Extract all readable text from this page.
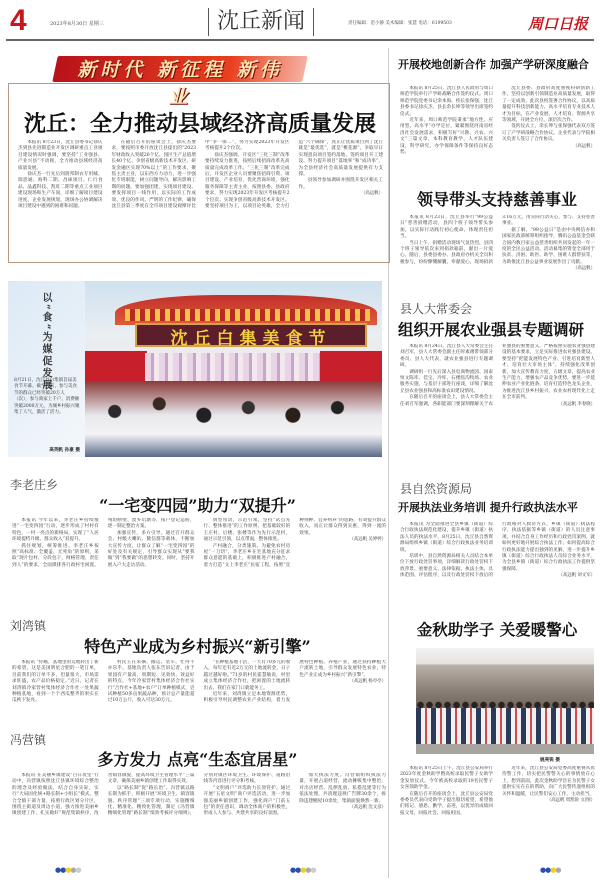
4	2023年8月30日 星期三	沈丘新闻	责任编辑：范小静 美术编辑：张慧 电话：6199503	周口日报
新时代 新征程 新伟业
沈丘：全力推动县域经济高质量发展

本报讯 8月23日，沈丘县委书记徐庆杰到县先进制造业开发区调研重点工业项目建设情况时强调，要坚持“工业强县、产业兴县”不动摇，全力推动县域经济高质量发展。

徐庆杰一行先后到润邦制衣专用城、瑞恩通、海科二期、昌硕项目、仁行食品、晶鑫科技、凯旺二期等重点工业项目建设现场和生产车间，详细了解项目建设进度、企业发展规划，现场办公协调解决项目建设中遇到的困难和问题。

在随后召开的座谈会上，徐庆杰要求，要按照市委开放沈丘县提出的“2023年财政收入突破20个亿、园区生产总值增长40个亿、争创省级高新技术开发区、研发金融区实现70%以上”的工作要求，聚焦主责主业，以东西方力动力，进一步强化专班职能，树立问题导向，解决影响工期的问题。要加强团建，实现项目建设、要发挥项目一线作用，以实际的工作成效、优良的作风、严明的工作纪律，确保沈丘县第三季度在全市项目建设观摩评比中“争一保二”，努力实现2023年开发区考核提升2个位次。

徐庆杰强调，开发区“三化三制”改革要持续发力推进，按照后续招商改革先高质量完成改革工作。“三化三制”改革完成后，开发区企业人员要聚焦招商引资、项目建设、产业培育，优化营商环境，强化服务保障等主责主业，按照县委、县政府要求，努力实现2023年开发区考核提升2个位次。实现争创省级高新技术开发区。要坚持项目为王，以项目论英雄，全力打造“六个确保”，真正让优质项目到了沈丘就是“最优选”，就是“桃花源”，争取早日实现意向项目签约落地、签约项目开工建设、努力提升项目“落地率”和“成功率”，为全县经济社会高质量发展提供有力支撑。

县领导参加调研并围绕开发区相关工作。

（高远帆）
以“食”为媒促发展
8月21日，沈丘县白集镇首届美食节开幕。截至目前，参与美食节的群众已经突破20万人（次），参与商家上千户，消费额突破2000万元，为城乡村振兴聚集了人气，激活了活力。
高英帆 孙豪 摄
沈丘白集美食节
李老庄乡
“一宅变四园”助力“双提升”

本报讯 今年以来，李老庄乡持续推进“一宅变四园”行动，逐步形成了村村有特色、一村一亮点的新格局，实现了“人居环境提档升级、群众收入”双提升。

抓住规划，统筹推进。李老庄乡按照“高标准、全覆盖、无死角”的原则，采取“现片包村、分段包干、网格管理、责任到人”的要求，全面摸排各行政村宅闲置、残垣断壁、废弃坑塘等，按户登记造册，逐一制定整治方案。

加强宣传，多方引导。通过召开群众会、村级大喇叭、微信群等载体，不断加大宣传力度，让群众了解“一宅变四园”的好处及有关规定，引导群众实现从“要我做”到“我要做”的思想转变。同时，坚持开展入户大走访活动。

典型带动，示范引领。坚持“试点先行、整体推进”的工作原则，把基础较好的王庄村、后楼、张楼等作为先行示范村，通过示范引领，以点带面，整体推进。

产村融合，分类施策。为避免农村房屋“一刀切”，李老庄乡在宅基地充分征求群众意愿的基础上，积极推进产村融合，着力打造“文上李老庄”民宿工程，按照“宜种则种、宜养则养”的思路，有效提升群众收入，真正让群众得到实惠，得到一流的效果。

（高远帆 吴婷婷）
刘湾镇
特色产业成为乡村振兴“新引擎”

本报讯 “你瞧，基地里的荒地转出了新的希望，这是美国明星合肥的一笔订单，目前我们的订单不多，但量很大，市场需求旺盛，农产品价格稳定。”近日，记者在刘湾镇冷家营村集体经济合作社一处果蔬种植基地，看到一个个西瓜整齐的果实在瓜秧下发亮。

村民王在采摘、搬运、装车，忙得不亦乐乎。基地负责人张东告诉记者，由于果园有产量高、周期短、见效快、效益好的特点，今年冷家营村集体经济合作社实行“合作社+基地+农户”订单种植模式，尝试种植50多亩果蔬品种，预计总产量能超过10万公斤，收入可达30万元。

“在种植基地干活，一天有70多元的收入，每年还有近2万元的土地流转金，日子越过越好啦。”71岁的村民霍慧敏说，村里成立集体经济合作社，把闲置的土地流转出去，我们在家门口就能务工。

近年来，刘湾镇立足本地资源优势，积极引导村民调整农业产业结构，着力发展特色种植、养殖产业，通过扶持种植大户流转土地，引导群众发展特色农业，特色产业正成为乡村振兴“新引擎”。

（高远帆 杨亭亭）
冯营镇
多方发力 点亮“生态宜居星”

本报讯 在美丽乡镇建设“百日攻坚”行动中，冯营镇按照沈丘县镇环境综合整治的理念及经验做法，结合自身实际，实行“大局固化统+路长制+小组长”模式，整合全镇干部力量，按照行政区划分片区，围绕主街道及周边小道，强力推进美丽乡镇创建工作，扎实做好“规范集镇秩序，改善镇容镇貌，提高环境卫生管理水平”三篇文章，确保美丽乡镇创建工作取得实效。

以“路长制”促“路长治”。冯营镇以路长制为抓手，积极开展“环境卫生、镇容镇貌、秩序管理”三项专项行动，实施精细化、精准化、精致化管理，制定《冯营镇精细化管理“路长制”绩效考核评分细则》，分别对镇区环境卫生、环境保护、道路沿线等内容进行评分和考核。

“文明商户”评选助力长效管护。通过开展“五星文明”商户评选活动，进一步加强美丽乡镇创建工作，强化商户“门前五包”的责任意识，调动全体商户的积极性，形成人人参与、共建共享的良好氛围。

加大执法力度。冯营镇组织执法力量，开展占道经营、流动摊贩集中整治，对出店经营、乱摆乱放、私搭乱建等行为依法处理，共清理违规广告牌30余个，拆除违建棚屋10余处，集镇面貌焕然一新。

（高远帆 沈文彦）
●●●●●	●●●●●
开展校地创新合作 加强产学研深度融合

本报讯 8月25日，沈丘县人民政府与周口师范学院举行产学研战略合作签约仪式。周口师范学院党委书记余本海、校长张保强，沈丘县委书记徐庆杰、县长余长坤等领导出席签约仪式。

近年来，周口师范学院秉承“地方性、应用型、高水平”办学定位，紧紧围绕河南省经济社会发展需求，积极写好“兴教、兴农、兴文”三篇文章，本科教育教学、人才队伍建设、科学研究、办学保障条件等保持良好态势。

沈丘县委、县政府高度重视科研创新工作，坚持以创新引领制造业高质量发展，取得了一定成效。此次县校签署合作协议，以高质量提升科技创新能力、高水平培育专业技术人才为目标，在产业发展、人才培育、资源共享等领域，开展全方位、深层次合作。

签约仪式上，余长坤与张保强代表双方签订了产学研战略合作协议。企业代表与学院相关负责人签订了合作协议。

（高远帆）
领导带头支持慈善事业

本报讯 8月23日，沈丘县举行“99公益日”慈善捐赠活动，县四个班子领导带头参加，以实际行动践行初心使命、体现责任担当。

当日上午，捐赠活动现场气氛热烈，县四个班子领导依次来到捐款箱前，献出一片爱心。随后，县委县委办、县政府办机关全员积极参与，纷纷慷慨解囊，奉献爱心，现场捐款3.16万元，用实际行动关心、参与、支持慈善事业。

据了解，“99公益日”是由中央网信办和国家民政部统筹组织指导，腾讯公益基金会联合国内数百家公益慈善组织共同发起的一年一度的全民公益活动。活动募集的资金全部用于扶贫、济困、助医、助学、困难人群帮扶等，为助推沈丘县公益事业发展作出了贡献。

（高远帆）
县人大常委会
组织开展农业强县专题调研

本报讯 8月24日，沈丘县人大常委会主任刘召军，县人大常委会副主任时素薄带领部分委员、县人大代表，就农业强县进行专题调研。

调研组一行先后深入县电商物流园、国泰恒文陈库、佳宝、冷库、石楼焦沟牧场、农业服务实施，与基层干部进行座谈，详细了解沈丘县农业强县和高标准农田建设情况。

在随后召开的座谈会上，县人大常委会主任刘召军强调，各职能部门要深刻理解关于农业强县的重要意义，严格按照实施农业强县建设的基本要求，立足实际推进农业强县建设。要坚持“把能发展特色产业、引进培育新型人才、培育壮大市场主体”，持续强化改革创新，加大宣传教育力度，五级文章，提高农业生产能力，增强农产品竞争优势，要进一步延伸农业产业化链条，培育打造特色龙头企业，为推进沈丘县乡村振兴、农业农村现代化上走在全市前列。

（高远帆 李春晓）
县自然资源局
开展执法业务培训 提升行政执法水平

本报讯 为全面推进全县乡镇（街道）综合行政执法规范化建设，提升乡镇（街道）执法人员的执法水平，8月25日，沈丘县自然资源局组织乡镇（街道）综合行政执法业务培训班。

培训中，县自然资源局相关人员结合本单位下放行政处罚事项，详细解读行政处罚权下放背景、重要意义、法律依据、执法主体、具体范围、评估程序，以及行政处罚权下放后的行政相对人救济方式、乡镇（街道）执法程序、执法依据等乡镇（街道）的人员注意事项，并结合自身工作经历和行政处罚案例，就如何更好地开展综合执法工作、如何提高综合行政执法能力提出独到的见解，进一步提升乡镇（街道）综合行政执法人员综合业务水平，为全县乡镇（街道）综合行政执法工作提供坚强保障。

（高远帆 刘文军）
金秋助学子 关爱暖警心
姚亮锐 摄

本报讯 8月25日上午，沈丘县公安局举行2023年度金秋助学暨高校录取民警子女助学金发放仪式。今年被高校录取的19名民警子女喜领助学金。

在随后召开的座谈会上，沈丘县公安局党委委员代表向受助学子提出殷切希望，希望他们铭记、感恩、勤学、奋进，以优异的成绩回报父母、回报社会、回报祖国。

近年来，沈丘县公安局党委高度重视从优待警工作，切实把民警警关心的事情放在心上，想到前面，此次金秋助学旨在为民警子女提供实实在在的帮助，向广大民警传递组织的关怀和温暖，让民警们安心工作，主动担当。

（高远帆 周凯锐 文/图）
●●●●
